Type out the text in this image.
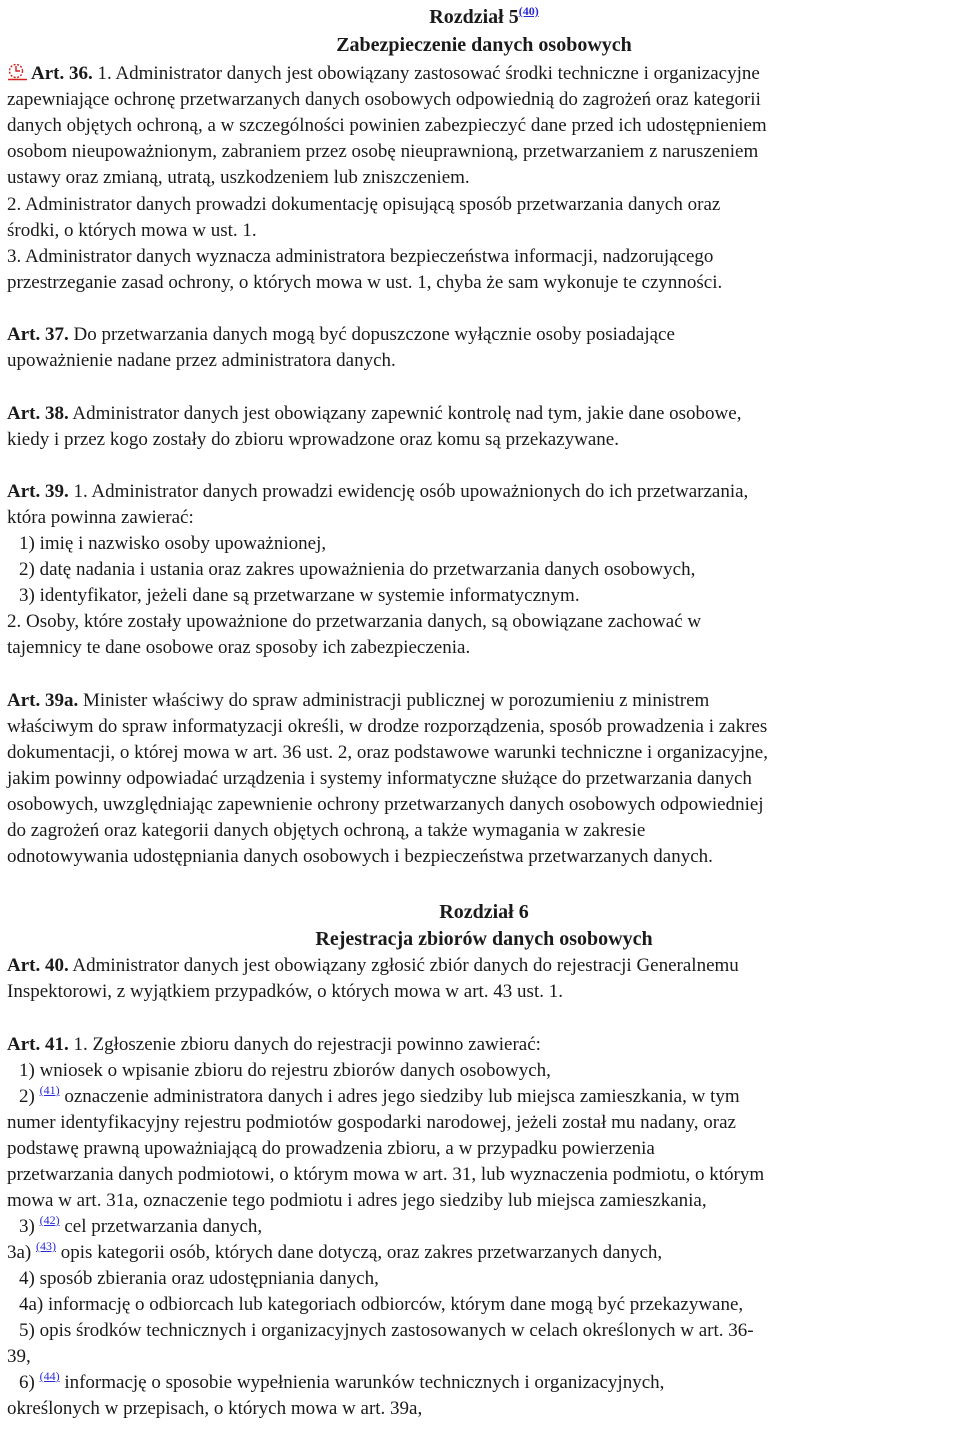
Rozdział 5$^{(40)}$
Zabezpieczenie danych osobowych
Art. 36. 1. Administrator danych jest obowiązany zastosować środki techniczne i organizacyjne
zapewniające ochronę przetwarzanych danych osobowych odpowiednią do zagrożeń oraz kategorii
danych objętych ochroną, a w szczególności powinien zabezpieczyć dane przed ich udostępnieniem
osobom nieupoważnionym, zabraniem przez osobę nieuprawnioną, przetwarzaniem z naruszeniem
ustawy oraz zmianą, utratą, uszkodzeniem lub zniszczeniem.
2. Administrator danych prowadzi dokumentację opisującą sposób przetwarzania danych oraz
środki, o których mowa w ust. 1.
3. Administrator danych wyznacza administratora bezpieczeństwa informacji, nadzorującego
przestrzeganie zasad ochrony, o których mowa w ust. 1, chyba że sam wykonuje te czynności.
Art. 37. Do przetwarzania danych mogą być dopuszczone wyłącznie osoby posiadające
upoważnienie nadane przez administratora danych.
Art. 38. Administrator danych jest obowiązany zapewnić kontrolę nad tym, jakie dane osobowe,
kiedy i przez kogo zostały do zbioru wprowadzone oraz komu są przekazywane.
Art. 39. 1. Administrator danych prowadzi ewidencję osób upoważnionych do ich przetwarzania,
która powinna zawierać:
1) imię i nazwisko osoby upoważnionej,
2) datę nadania i ustania oraz zakres upoważnienia do przetwarzania danych osobowych,
3) identyfikator, jeżeli dane są przetwarzane w systemie informatycznym.
2. Osoby, które zostały upoważnione do przetwarzania danych, są obowiązane zachować w
tajemnicy te dane osobowe oraz sposoby ich zabezpieczenia.
Art. 39a. Minister właściwy do spraw administracji publicznej w porozumieniu z ministrem
właściwym do spraw informatyzacji określi, w drodze rozporządzenia, sposób prowadzenia i zakres
dokumentacji, o której mowa w art. 36 ust. 2, oraz podstawowe warunki techniczne i organizacyjne,
jakim powinny odpowiadać urządzenia i systemy informatyczne służące do przetwarzania danych
osobowych, uwzględniając zapewnienie ochrony przetwarzanych danych osobowych odpowiedniej
do zagrożeń oraz kategorii danych objętych ochroną, a także wymagania w zakresie
odnotowywania udostępniania danych osobowych i bezpieczeństwa przetwarzanych danych.
Rozdział 6
Rejestracja zbiorów danych osobowych
Art. 40. Administrator danych jest obowiązany zgłosić zbiór danych do rejestracji Generalnemu
Inspektorowi, z wyjątkiem przypadków, o których mowa w art. 43 ust. 1.
Art. 41. 1. Zgłoszenie zbioru danych do rejestracji powinno zawierać:
1) wniosek o wpisanie zbioru do rejestru zbiorów danych osobowych,
2) $^{(41)}$ oznaczenie administratora danych i adres jego siedziby lub miejsca zamieszkania, w tym
numer identyfikacyjny rejestru podmiotów gospodarki narodowej, jeżeli został mu nadany, oraz
podstawę prawną upoważniającą do prowadzenia zbioru, a w przypadku powierzenia
przetwarzania danych podmiotowi, o którym mowa w art. 31, lub wyznaczenia podmiotu, o którym
mowa w art. 31a, oznaczenie tego podmiotu i adres jego siedziby lub miejsca zamieszkania,
3) $^{(42)}$ cel przetwarzania danych,
3a) $^{(43)}$ opis kategorii osób, których dane dotyczą, oraz zakres przetwarzanych danych,
4) sposób zbierania oraz udostępniania danych,
4a) informację o odbiorcach lub kategoriach odbiorców, którym dane mogą być przekazywane,
5) opis środków technicznych i organizacyjnych zastosowanych w celach określonych w art. 36-
39,
6) $^{(44)}$ informację o sposobie wypełnienia warunków technicznych i organizacyjnych,
określonych w przepisach, o których mowa w art. 39a,
